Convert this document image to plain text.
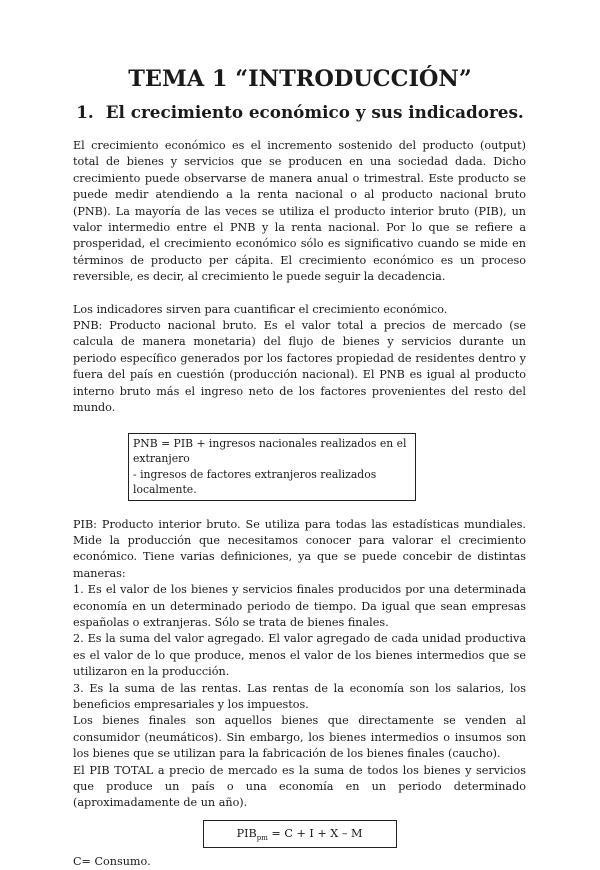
TEMA 1 “INTRODUCCIÓN”
1. El crecimiento económico y sus indicadores.

El crecimiento económico es el incremento sostenido del producto (output) total de bienes y servicios que se producen en una sociedad dada. Dicho crecimiento puede observarse de manera anual o trimestral. Este producto se puede medir atendiendo a la renta nacional o al producto nacional bruto (PNB). La mayoría de las veces se utiliza el producto interior bruto (PIB), un valor intermedio entre el PNB y la renta nacional. Por lo que se refiere a prosperidad, el crecimiento económico sólo es significativo cuando se mide en términos de producto per cápita. El crecimiento económico es un proceso reversible, es decir, al crecimiento le puede seguir la decadencia.

Los indicadores sirven para cuantificar el crecimiento económico.

PNB: Producto nacional bruto. Es el valor total a precios de mercado (se calcula de manera monetaria) del flujo de bienes y servicios durante un periodo específico generados por los factores propiedad de residentes dentro y fuera del país en cuestión (producción nacional). El PNB es igual al producto interno bruto más el ingreso neto de los factores provenientes del resto del mundo.

PNB = PIB + ingresos nacionales realizados en el extranjero
- ingresos de factores extranjeros realizados localmente.

PIB: Producto interior bruto. Se utiliza para todas las estadísticas mundiales. Mide la producción que necesitamos conocer para valorar el crecimiento económico. Tiene varias definiciones, ya que se puede concebir de distintas maneras:

1. Es el valor de los bienes y servicios finales producidos por una determinada economía en un determinado periodo de tiempo. Da igual que sean empresas españolas o extranjeras. Sólo se trata de bienes finales.

2. Es la suma del valor agregado. El valor agregado de cada unidad productiva es el valor de lo que produce, menos el valor de los bienes intermedios que se utilizaron en la producción.

3. Es la suma de las rentas. Las rentas de la economía son los salarios, los beneficios empresariales y los impuestos.

Los bienes finales son aquellos bienes que directamente se venden al consumidor (neumáticos). Sin embargo, los bienes intermedios o insumos son los bienes que se utilizan para la fabricación de los bienes finales (caucho).

El PIB TOTAL a precio de mercado es la suma de todos los bienes y servicios que produce un país o una economía en un periodo determinado (aproximadamente de un año).

$PIB_{pm} = C + I + X - M$

C= Consumo.
